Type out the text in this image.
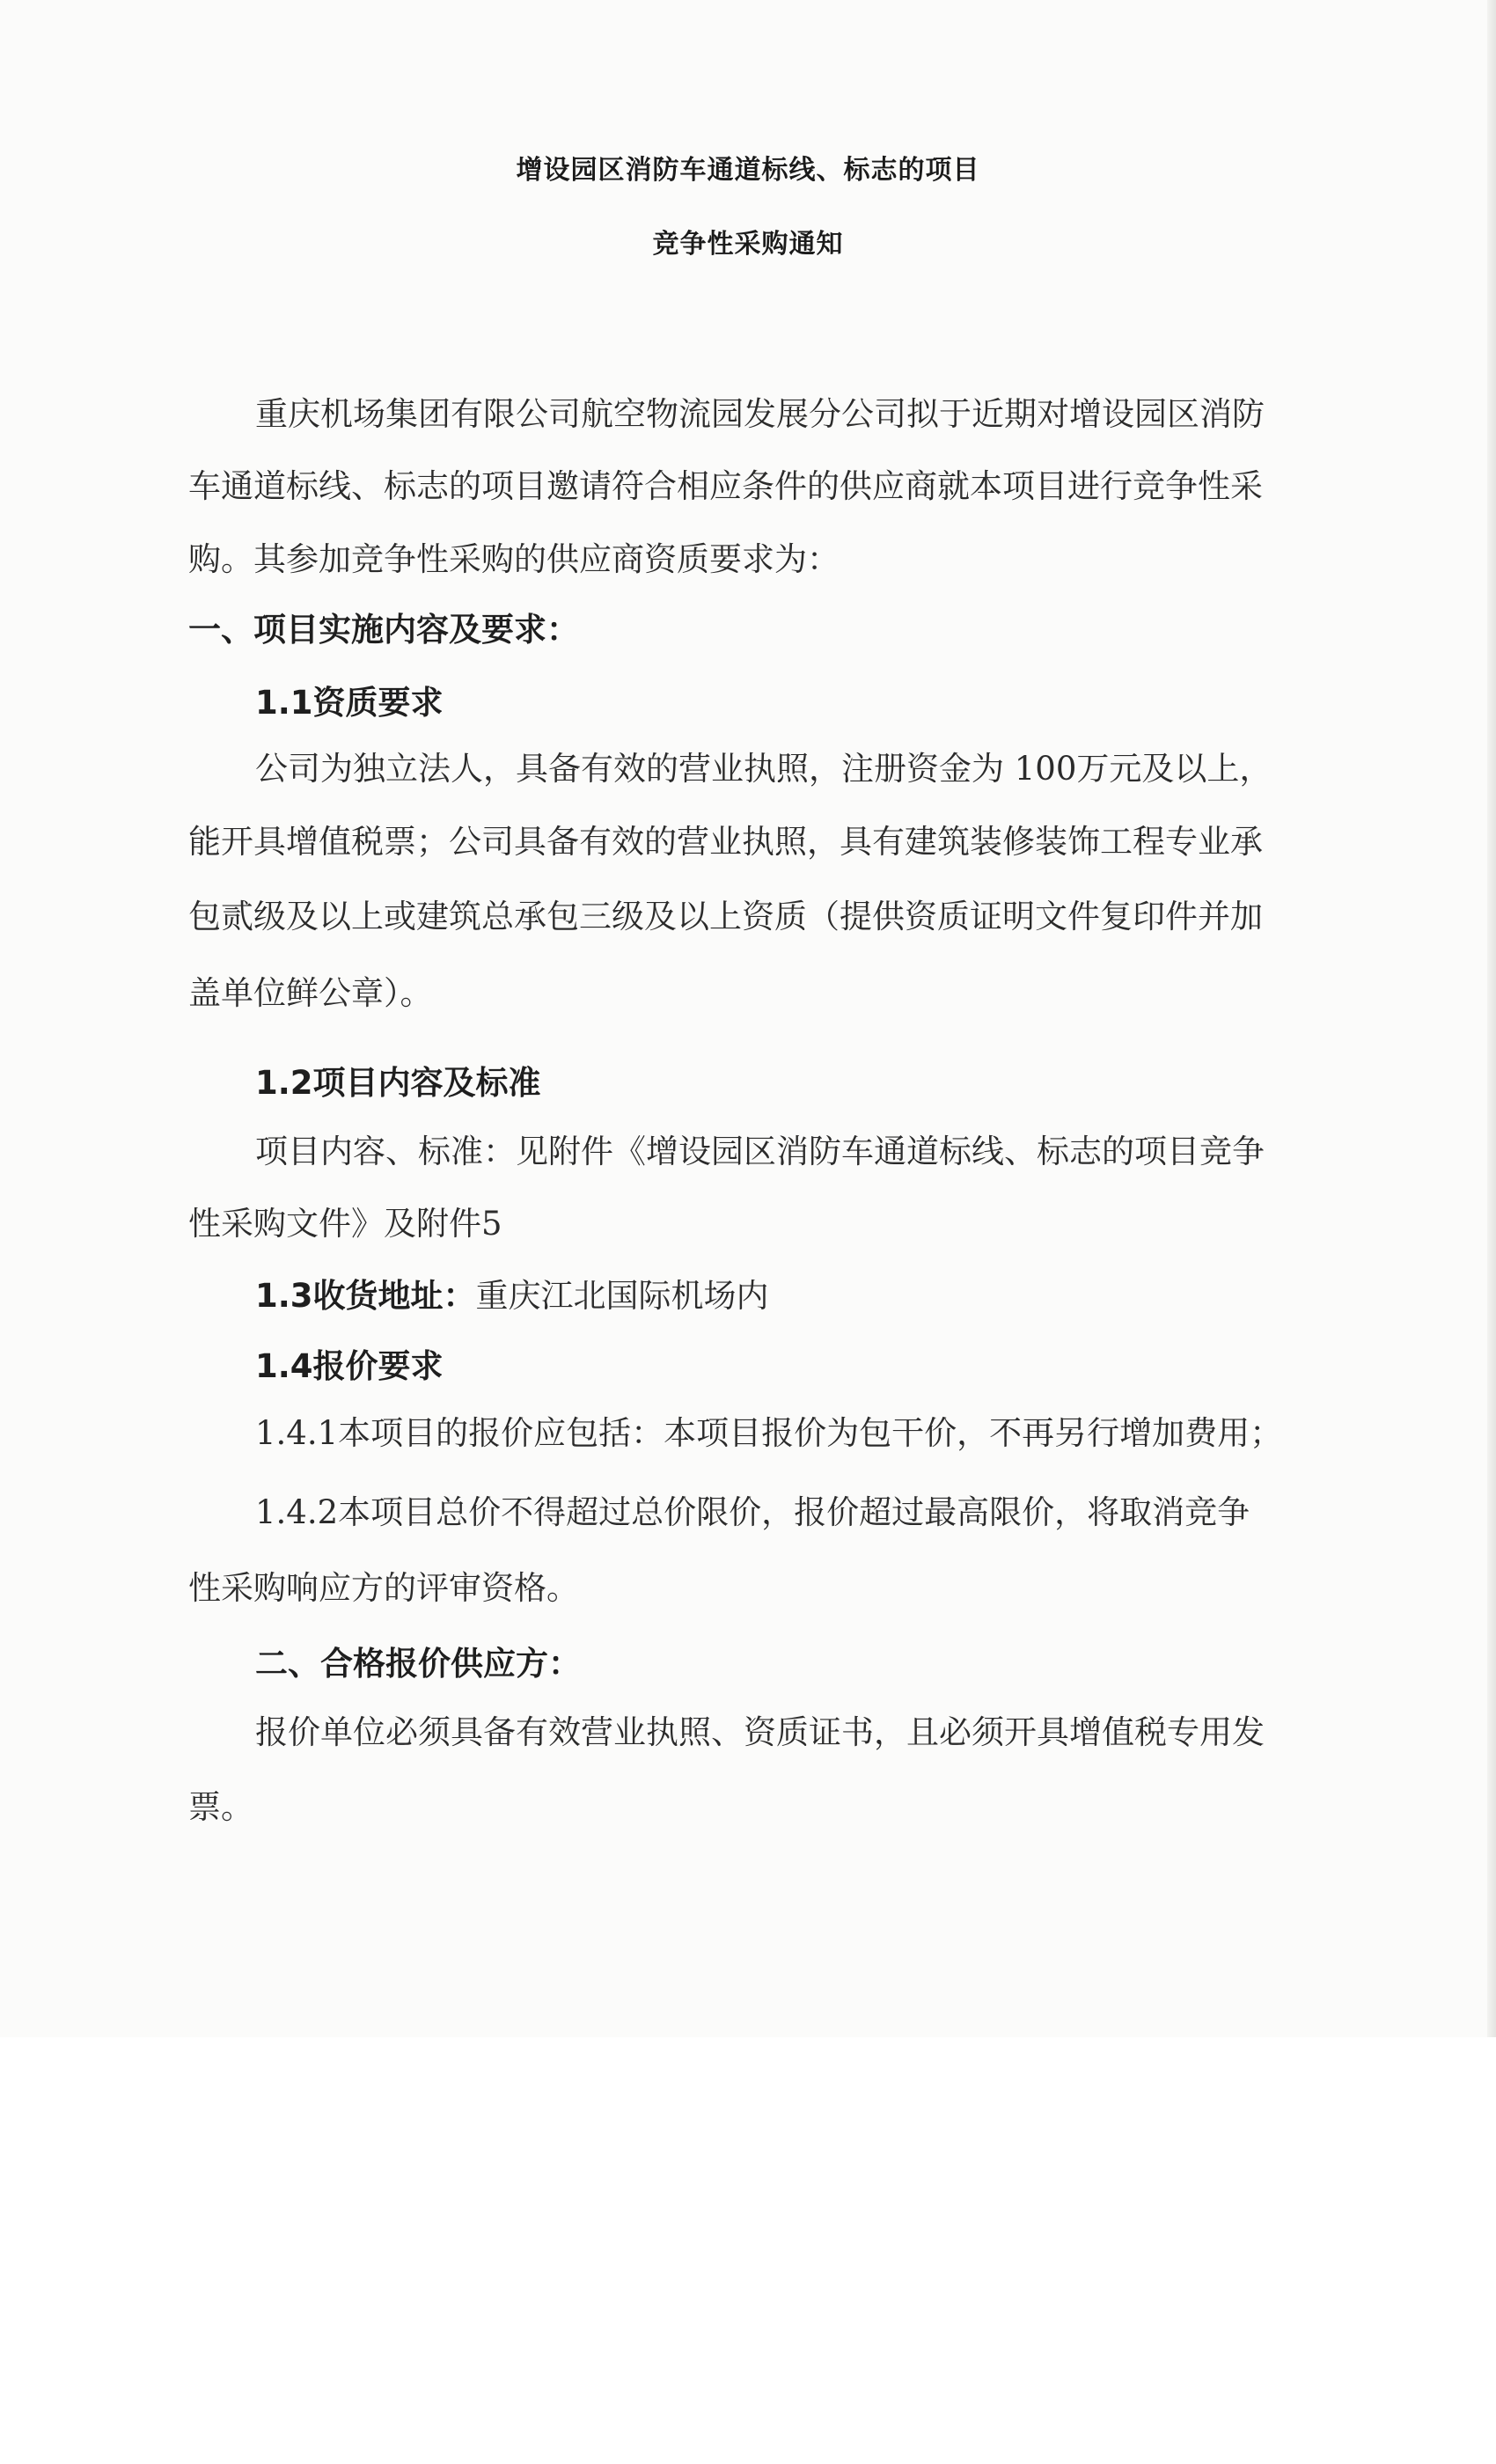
增设园区消防车通道标线、标志的项目
竞争性采购通知
重庆机场集团有限公司航空物流园发展分公司拟于近期对增设园区消防
车通道标线、标志的项目邀请符合相应条件的供应商就本项目进行竞争性采
购。其参加竞争性采购的供应商资质要求为：
一、项目实施内容及要求：
1.1资质要求
公司为独立法人，具备有效的营业执照，注册资金为 100万元及以上，
能开具增值税票；公司具备有效的营业执照，具有建筑装修装饰工程专业承
包贰级及以上或建筑总承包三级及以上资质（提供资质证明文件复印件并加
盖单位鲜公章）。
1.2项目内容及标准
项目内容、标准：见附件《增设园区消防车通道标线、标志的项目竞争
性采购文件》及附件5
1.3收货地址：重庆江北国际机场内
1.4报价要求
1.4.1本项目的报价应包括：本项目报价为包干价，不再另行增加费用；
1.4.2本项目总价不得超过总价限价，报价超过最高限价，将取消竞争
性采购响应方的评审资格。
二、合格报价供应方：
报价单位必须具备有效营业执照、资质证书，且必须开具增值税专用发
票。
